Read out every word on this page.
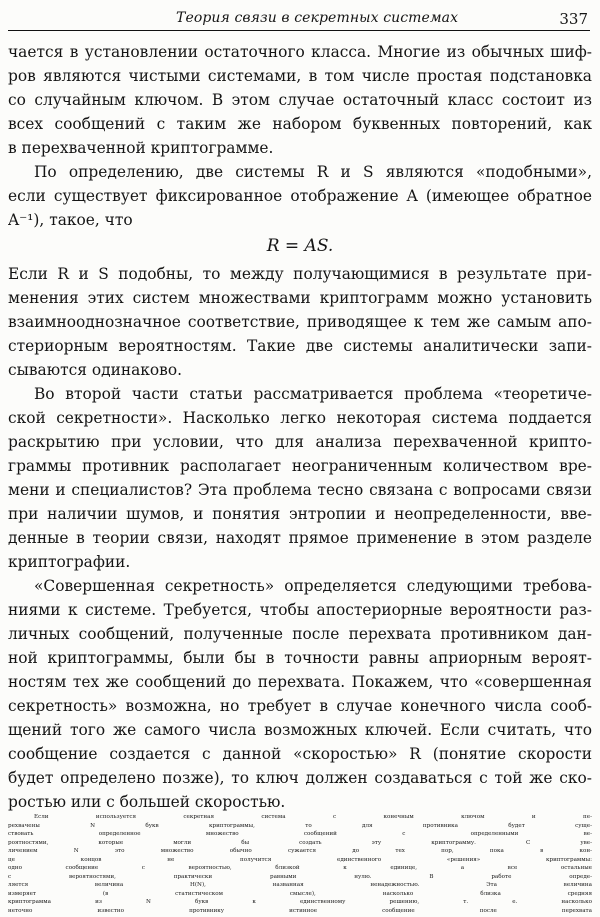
Теория связи в секретных системах	337
чается в установлении остаточного класса. Многие из обычных шиф-
ров являются чистыми системами, в том числе простая подстановка
со случайным ключом. В этом случае остаточный класс состоит из
всех сообщений с таким же набором буквенных повторений, как
в перехваченной криптограмме.
По определению, две системы R и S являются «подобными»,
если существует фиксированное отображение A (имеющее обратное
A⁻¹), такое, что
R = AS.
Если R и S подобны, то между получающимися в результате при-
менения этих систем множествами криптограмм можно установить
взаимнооднозначное соответствие, приводящее к тем же самым апо-
стериорным вероятностям. Такие две системы аналитически запи-
сываются одинаково.
Во второй части статьи рассматривается проблема «теоретиче-
ской секретности». Насколько легко некоторая система поддается
раскрытию при условии, что для анализа перехваченной крипто-
граммы противник располагает неограниченным количеством вре-
мени и специалистов? Эта проблема тесно связана с вопросами связи
при наличии шумов, и понятия энтропии и неопределенности, вве-
денные в теории связи, находят прямое применение в этом разделе
криптографии.
«Совершенная секретность» определяется следующими требова-
ниями к системе. Требуется, чтобы апостериорные вероятности раз-
личных сообщений, полученные после перехвата противником дан-
ной криптограммы, были бы в точности равны априорным вероят-
ностям тех же сообщений до перехвата. Покажем, что «совершенная
секретность» возможна, но требует в случае конечного числа сооб-
щений того же самого числа возможных ключей. Если считать, что
сообщение создается с данной «скоростью» R (понятие скорости
будет определено позже), то ключ должен создаваться с той же ско-
ростью или с большей скоростью.
Если используется секретная система с конечным ключом и пе-
рехвачены N букв криптограммы, то для противника будет суще-
ствовать определенное множество сообщений с определенными ве-
роятностями, которые могли бы создать эту криптограмму. С уве-
личением N это множество обычно сужается до тех пор, пока в кон-
це концов не получится единственного «решения» криптограммы:
одно сообщение с вероятностью, близкой к единице, а все остальные
с вероятностями, практически равными нулю. В работе опреде-
ляется величина H(N), названная ненадежностью. Эта величина
измеряет (в статистическом смысле), насколько близка средняя
криптограмма из N букв к единственному решению, т. е. насколько
неточно известно противнику истинное сообщение после перехвата
